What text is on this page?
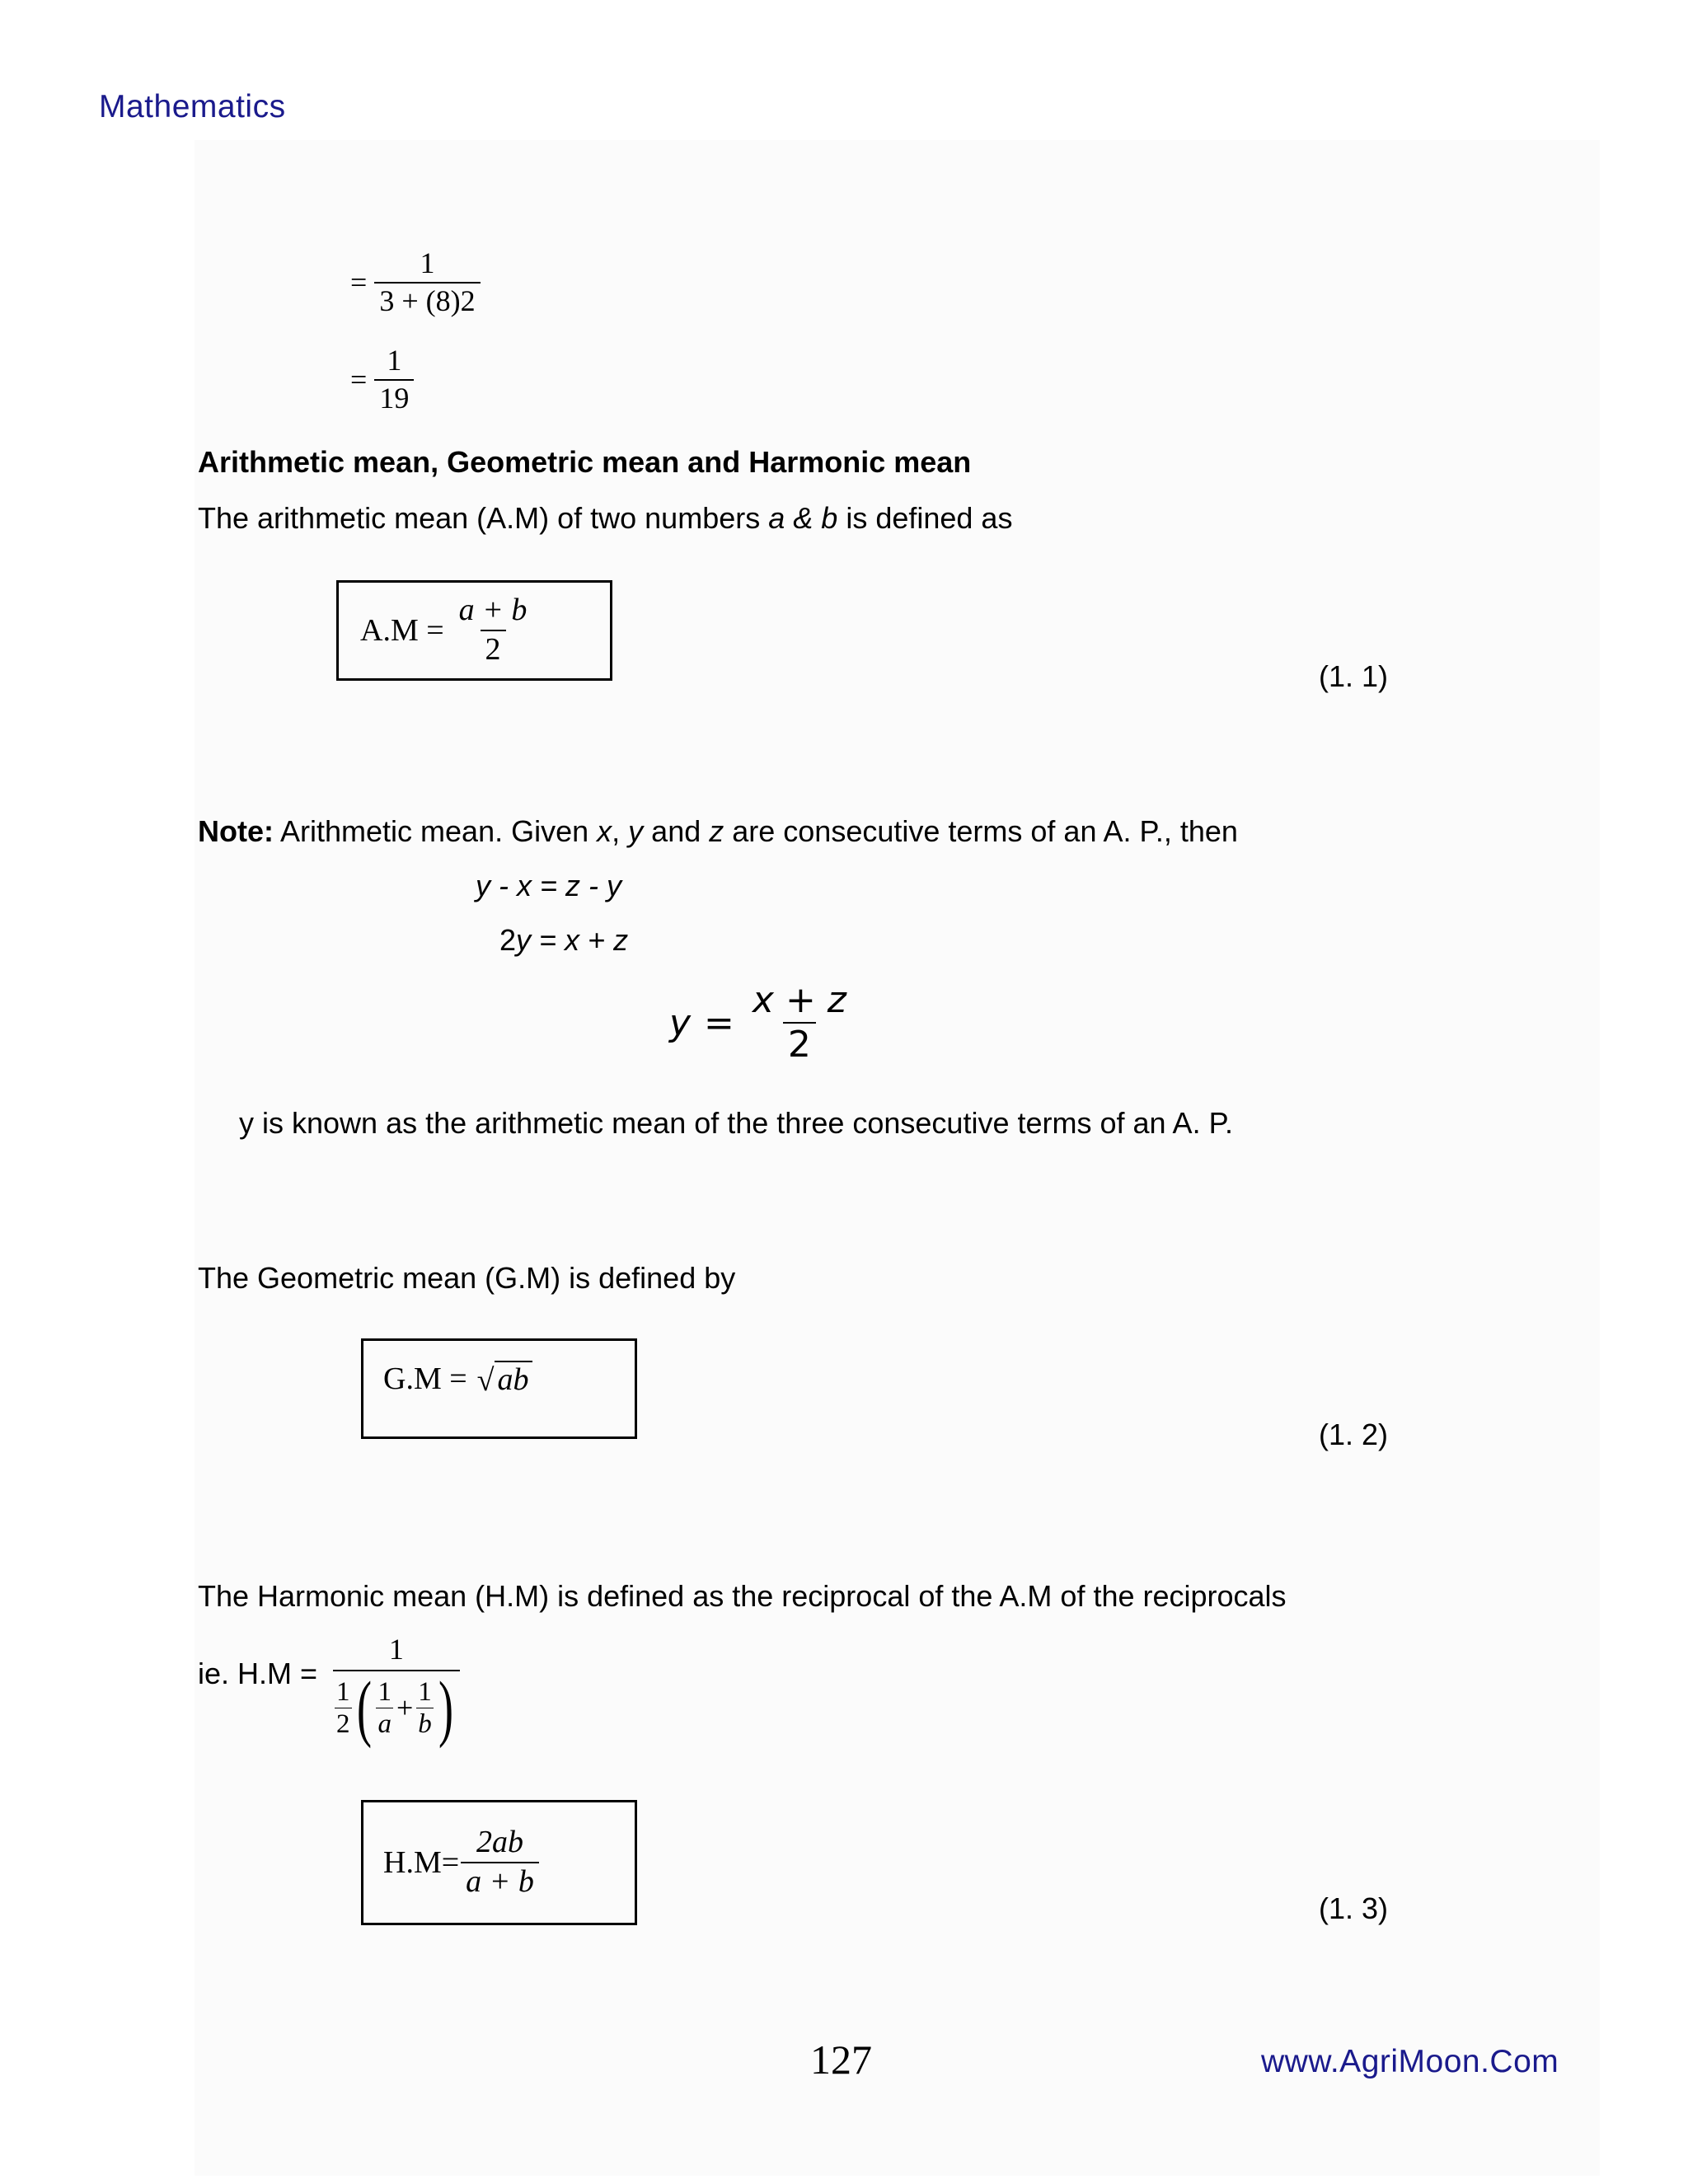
Mathematics
= $\frac{1}{3 + (8)2}$
= $\frac{1}{19}$
Arithmetic mean, Geometric mean and Harmonic mean
The arithmetic mean (A.M) of two numbers a & b is defined as
$A.M = \frac{a + b}{2}$
(1. 1)
Note: Arithmetic mean. Given x, y and z are consecutive terms of an A. P., then
y - x = z - y
2y = x + z
$y = \frac{x + z}{2}$
y is known as the arithmetic mean of the three consecutive terms of an A. P.
The Geometric mean (G.M) is defined by
G.M = √ ab
(1. 2)
The Harmonic mean (H.M) is defined as the reciprocal of the A.M of the reciprocals
ie. H.M =
1
$\frac{1}{2}$ ( $\frac{1}{a} + \frac{1}{b}$ )
$H.M= \frac{2ab}{a + b}$
(1. 3)
127	www.AgriMoon.Com
